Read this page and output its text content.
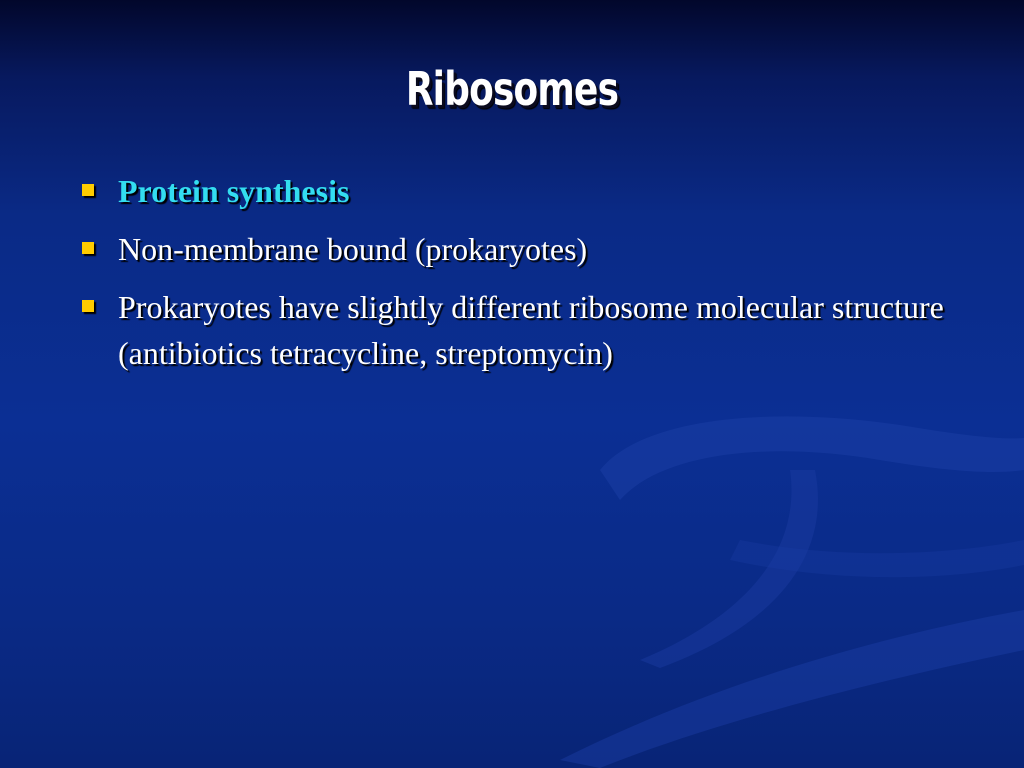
Ribosomes
Protein synthesis
Non-membrane bound (prokaryotes)
Prokaryotes have slightly different ribosome molecular structure (antibiotics tetracycline, streptomycin)
